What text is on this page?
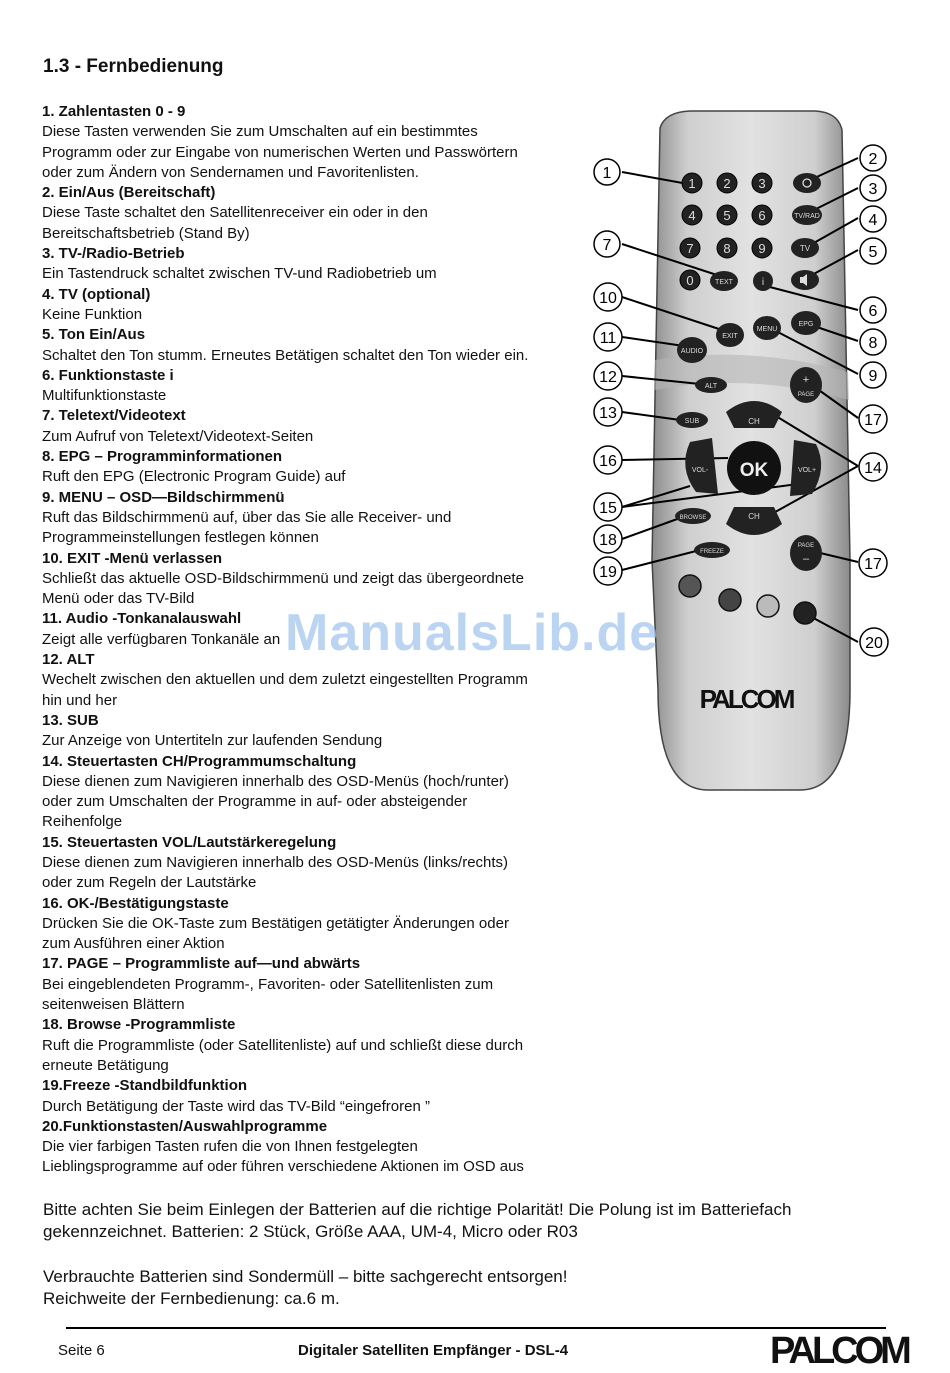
1.3 - Fernbedienung
1. Zahlentasten 0 - 9
Diese Tasten verwenden Sie zum Umschalten auf ein bestimmtes
Programm oder zur Eingabe von numerischen Werten und Passwörtern
oder zum Ändern von Sendernamen und Favoritenlisten.
2. Ein/Aus (Bereitschaft)
Diese Taste schaltet den Satellitenreceiver ein oder in den
Bereitschaftsbetrieb (Stand By)
3. TV-/Radio-Betrieb
Ein Tastendruck schaltet zwischen TV-und Radiobetrieb um
4. TV (optional)
Keine Funktion
5. Ton Ein/Aus
Schaltet den Ton stumm. Erneutes Betätigen schaltet den Ton wieder ein.
6. Funktionstaste i
Multifunktionstaste
7. Teletext/Videotext
Zum Aufruf von Teletext/Videotext-Seiten
8. EPG – Programminformationen
Ruft den EPG (Electronic Program Guide) auf
9. MENU – OSD—Bildschirmmenü
Ruft das Bildschirmmenü auf, über das Sie alle Receiver- und
Programmeinstellungen festlegen können
10. EXIT -Menü verlassen
Schließt das aktuelle OSD-Bildschirmmenü und zeigt das übergeordnete
Menü oder das TV-Bild
11. Audio -Tonkanalauswahl
Zeigt alle verfügbaren Tonkanäle an
12. ALT
Wechelt zwischen den aktuellen und dem zuletzt eingestellten Programm
hin und her
13. SUB
Zur Anzeige von Untertiteln zur laufenden Sendung
14. Steuertasten CH/Programmumschaltung
Diese dienen zum Navigieren innerhalb des OSD-Menüs (hoch/runter)
oder zum Umschalten der Programme in auf- oder absteigender
Reihenfolge
15. Steuertasten VOL/Lautstärkeregelung
Diese dienen zum Navigieren innerhalb des OSD-Menüs (links/rechts)
oder zum Regeln der Lautstärke
16. OK-/Bestätigungstaste
Drücken Sie die OK-Taste zum Bestätigen getätigter Änderungen oder
zum Ausführen einer Aktion
17. PAGE – Programmliste auf—und abwärts
Bei eingeblendeten Programm-, Favoriten- oder Satellitenlisten zum
seitenweisen Blättern
18. Browse -Programmliste
Ruft die Programmliste (oder Satellitenliste) auf und schließt diese durch
erneute Betätigung
19.Freeze -Standbildfunktion
Durch Betätigung der Taste wird das TV-Bild “eingefroren ”
20.Funktionstasten/Auswahlprogramme
Die vier farbigen Tasten rufen die von Ihnen festgelegten
Lieblingsprogramme auf oder führen verschiedene Aktionen im OSD aus
1 2 3
4 5 6
7 8 9
0
TV/RAD
TV
TEXT	i
EXIT
MENU
EPG
AUDIO
ALT
SUB
+
PAGE
CH
VOL- OK	VOL+
CH
BROWSE
FREEZE
PAGE
–
PALCOM
1
2
3
4
5
6
7
8
9
10
11
12
13
14
15
16
17
18
19	17
20
ManualsLib.de

Bitte achten Sie beim Einlegen der Batterien auf die richtige Polarität! Die Polung ist im Batteriefach
gekennzeichnet. Batterien: 2 Stück, Größe AAA, UM-4, Micro oder R03

Verbrauchte Batterien sind Sondermüll – bitte sachgerecht entsorgen!
Reichweite der Fernbedienung: ca.6 m.

Seite 6	Digitaler Satelliten Empfänger - DSL-4	PALCOM
